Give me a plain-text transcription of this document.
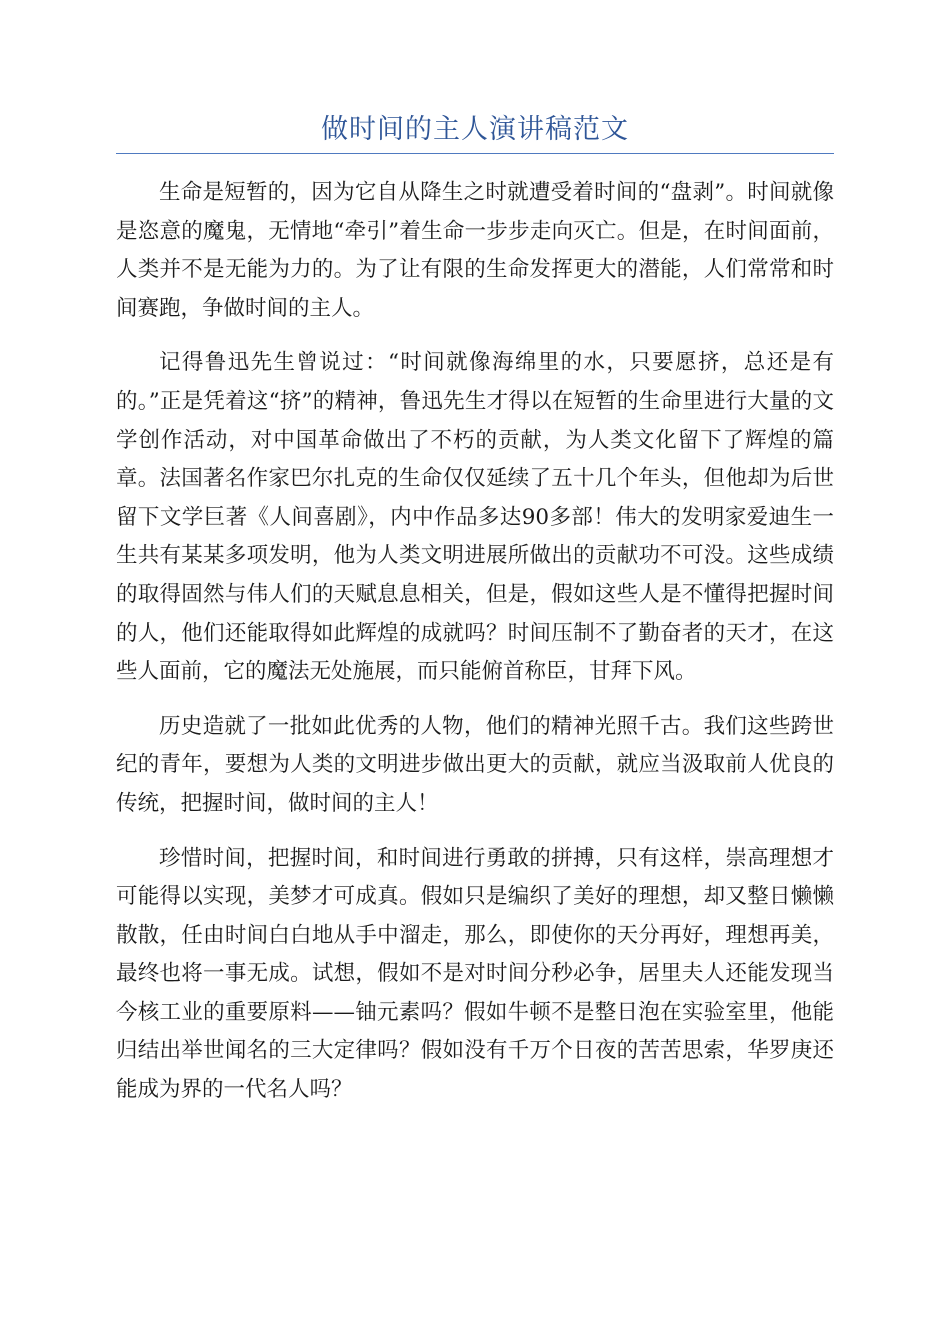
做时间的主人演讲稿范文

生命是短暂的，因为它自从降生之时就遭受着时间的“盘剥”。时间就像是恣意的魔鬼，无情地“牵引”着生命一步步走向灭亡。但是，在时间面前，人类并不是无能为力的。为了让有限的生命发挥更大的潜能，人们常常和时间赛跑，争做时间的主人。

记得鲁迅先生曾说过：“时间就像海绵里的水，只要愿挤，总还是有的。”正是凭着这“挤”的精神，鲁迅先生才得以在短暂的生命里进行大量的文学创作活动，对中国革命做出了不朽的贡献，为人类文化留下了辉煌的篇章。法国著名作家巴尔扎克的生命仅仅延续了五十几个年头，但他却为后世留下文学巨著《人间喜剧》，内中作品多达90多部！伟大的发明家爱迪生一生共有某某多项发明，他为人类文明进展所做出的贡献功不可没。这些成绩的取得固然与伟人们的天赋息息相关，但是，假如这些人是不懂得把握时间的人，他们还能取得如此辉煌的成就吗？时间压制不了勤奋者的天才，在这些人面前，它的魔法无处施展，而只能俯首称臣，甘拜下风。

历史造就了一批如此优秀的人物，他们的精神光照千古。我们这些跨世纪的青年，要想为人类的文明进步做出更大的贡献，就应当汲取前人优良的传统，把握时间，做时间的主人！

珍惜时间，把握时间，和时间进行勇敢的拼搏，只有这样，崇高理想才可能得以实现，美梦才可成真。假如只是编织了美好的理想，却又整日懒懒散散，任由时间白白地从手中溜走，那么，即使你的天分再好，理想再美，最终也将一事无成。试想，假如不是对时间分秒必争，居里夫人还能发现当今核工业的重要原料——铀元素吗？假如牛顿不是整日泡在实验室里，他能归结出举世闻名的三大定律吗？假如没有千万个日夜的苦苦思索，华罗庚还能成为界的一代名人吗？
